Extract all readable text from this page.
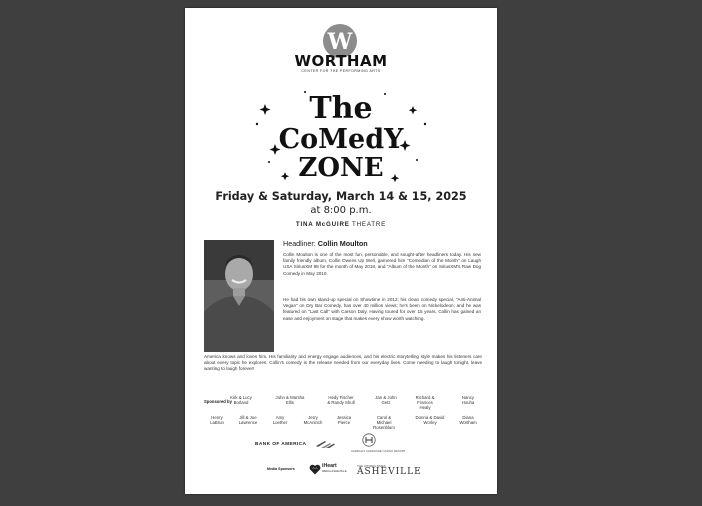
W
WORTHAM
CENTER FOR THE PERFORMING ARTS
The
CoMedY
ZONE
Friday & Saturday, March 14 & 15, 2025
at 8:00 p.m.
TINA McGUIRE THEATRE
Headliner: Collin Moulton

Collin Moulton is one of the most fun, personable, and sought-after headliners today. His new family friendly album, Collin Owens Up Well, garnered him "Comedian of the Month" on Laugh USA SiriusXM 98 for the month of May 2018, and "Album of the Month" on SiriusXM's Raw Dog Comedy in May 2010.

He had his own stand-up special on Showtime in 2012; his clean comedy special, "Anti-Animal Vegan" on Dry Bar Comedy, has over 40 million views; he's been on Nickelodeon; and he was featured on "Last Call" with Carson Daly. Having toured for over 15 years, Collin has gained an ease and enjoyment on stage that makes every show worth watching.

America knows and loves him. His familiarity and energy engage audiences, and his electric storytelling style makes his listeners care about every topic he explores. Collin's comedy is the release needed from our everyday lives. Come needing to laugh tonight, leave wanting to laugh forever!

Sponsored by
Kirk & Lucy
Borland
John & Marsha
Ellis
Hedy Fischer
& Randy Shull
Jan & John
Getz
Richard & Frances
Healy
Nancy
Houha
Henry
LaBrun
Jill & Joe
Lawrence
Amy
Loether
Jerry
McAninch
Jessica
Pierce
Carol & Michael
Rosenblum
Donna & David
Worley
Diana
Wortham
BANK OF AMERICA
HARRAH'S CHEROKEE CASINO RESORT
Media Sponsors	iHeart
MEDIA ASHEVILLE
THE CITIZEN-TIMES
ASHEVILLE
